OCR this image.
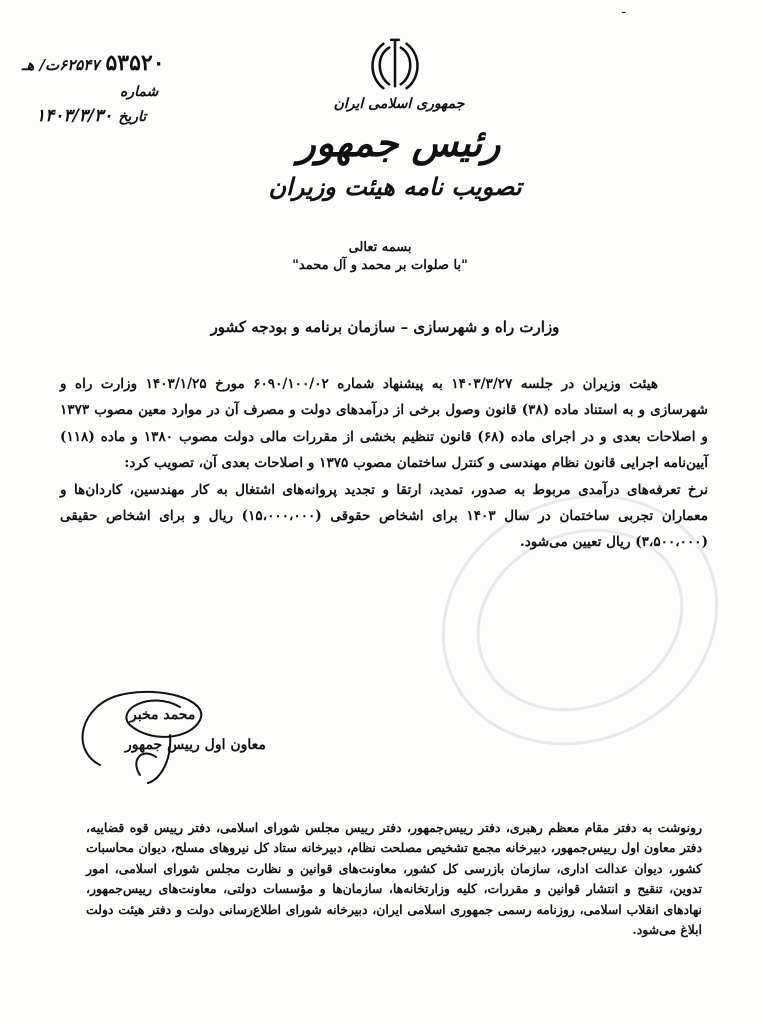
ـ
۵۳۵۲۰
۶۲۵۴۷ت/ هـ
شماره
تاریخ
۱۴۰۳/۳/۳۰
جمهوری اسلامی ایران
رئیس جمهور
تصویب نامه هیئت وزیران
بسمه تعالی
"با صلوات بر محمد و آل محمد"
وزارت راه و شهرسازی – سازمان برنامه و بودجه کشور

هیئت وزیران در جلسه ۱۴۰۳/۳/۲۷ به پیشنهاد شماره ۶۰۹۰/۱۰۰/۰۲ مورخ ۱۴۰۳/۱/۲۵ وزارت راه و شهرسازی و به استناد ماده (۳۸) قانون وصول برخی از درآمدهای دولت و مصرف آن در موارد معین مصوب ۱۳۷۳ و اصلاحات بعدی و در اجرای ماده (۶۸) قانون تنظیم بخشی از مقررات مالی دولت مصوب ۱۳۸۰ و ماده (۱۱۸) آیین‌نامه اجرایی قانون نظام مهندسی و کنترل ساختمان مصوب ۱۳۷۵ و اصلاحات بعدی آن، تصویب کرد:

نرخ تعرفه‌های درآمدی مربوط به صدور، تمدید، ارتقا و تجدید پروانه‌های اشتغال به کار مهندسین، کاردان‌ها و معماران تجربی ساختمان در سال ۱۴۰۳ برای اشخاص حقوقی (۱۵،۰۰۰،۰۰۰) ریال و برای اشخاص حقیقی (۳،۵۰۰،۰۰۰) ریال تعیین می‌شود.

محمد مخبر
معاون اول رییس جمهور

رونوشت به دفتر مقام معظم رهبری، دفتر رییس‌جمهور، دفتر رییس مجلس شورای اسلامی، دفتر رییس قوه قضاییه، دفتر معاون اول رییس‌جمهور، دبیرخانه مجمع تشخیص مصلحت نظام، دبیرخانه ستاد کل نیروهای مسلح، دیوان محاسبات کشور، دیوان عدالت اداری، سازمان بازرسی کل کشور، معاونت‌های قوانین و نظارت مجلس شورای اسلامی، امور تدوین، تنقیح و انتشار قوانین و مقررات، کلیه وزارتخانه‌ها، سازمان‌ها و مؤسسات دولتی، معاونت‌های رییس‌جمهور، نهادهای انقلاب اسلامی، روزنامه رسمی جمهوری اسلامی ایران، دبیرخانه شورای اطلاع‌رسانی دولت و دفتر هیئت دولت ابلاغ می‌شود.
